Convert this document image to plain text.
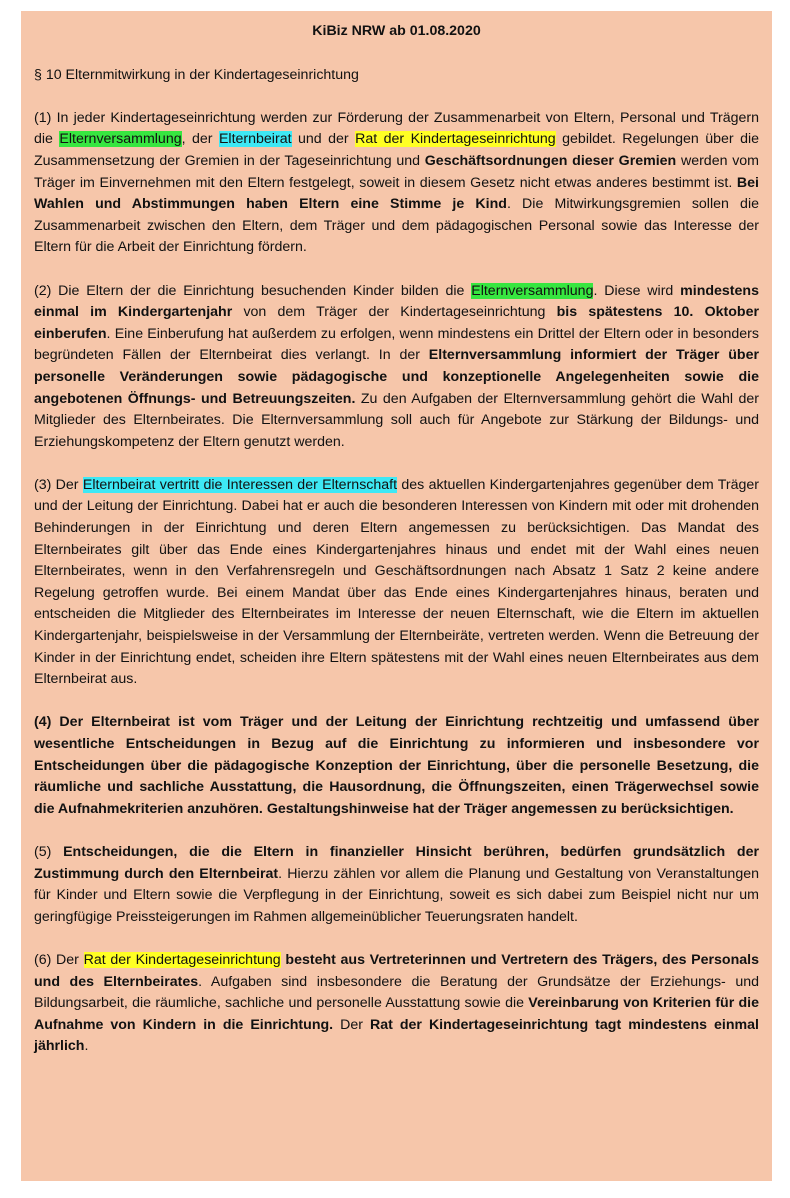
KiBiz NRW ab 01.08.2020
§ 10 Elternmitwirkung in der Kindertageseinrichtung

(1) In jeder Kindertageseinrichtung werden zur Förderung der Zusammenarbeit von Eltern, Personal und Trägern die Elternversammlung, der Elternbeirat und der Rat der Kindertageseinrichtung gebildet. Regelungen über die Zusammensetzung der Gremien in der Tageseinrichtung und Geschäftsordnungen dieser Gremien werden vom Träger im Einvernehmen mit den Eltern festgelegt, soweit in diesem Gesetz nicht etwas anderes bestimmt ist. Bei Wahlen und Abstimmungen haben Eltern eine Stimme je Kind. Die Mitwirkungsgremien sollen die Zusammenarbeit zwischen den Eltern, dem Träger und dem pädagogischen Personal sowie das Interesse der Eltern für die Arbeit der Einrichtung fördern.

(2) Die Eltern der die Einrichtung besuchenden Kinder bilden die Elternversammlung. Diese wird mindestens einmal im Kindergartenjahr von dem Träger der Kindertageseinrichtung bis spätestens 10. Oktober einberufen. Eine Einberufung hat außerdem zu erfolgen, wenn mindestens ein Drittel der Eltern oder in besonders begründeten Fällen der Elternbeirat dies verlangt. In der Elternversammlung informiert der Träger über personelle Veränderungen sowie pädagogische und konzeptionelle Angelegenheiten sowie die angebotenen Öffnungs- und Betreuungszeiten. Zu den Aufgaben der Elternversammlung gehört die Wahl der Mitglieder des Elternbeirates. Die Elternversammlung soll auch für Angebote zur Stärkung der Bildungs- und Erziehungskompetenz der Eltern genutzt werden.

(3) Der Elternbeirat vertritt die Interessen der Elternschaft des aktuellen Kindergartenjahres gegenüber dem Träger und der Leitung der Einrichtung. Dabei hat er auch die besonderen Interessen von Kindern mit oder mit drohenden Behinderungen in der Einrichtung und deren Eltern angemessen zu berücksichtigen. Das Mandat des Elternbeirates gilt über das Ende eines Kindergartenjahres hinaus und endet mit der Wahl eines neuen Elternbeirates, wenn in den Verfahrensregeln und Geschäftsordnungen nach Absatz 1 Satz 2 keine andere Regelung getroffen wurde. Bei einem Mandat über das Ende eines Kindergartenjahres hinaus, beraten und entscheiden die Mitglieder des Elternbeirates im Interesse der neuen Elternschaft, wie die Eltern im aktuellen Kindergartenjahr, beispielsweise in der Versammlung der Elternbeiräte, vertreten werden. Wenn die Betreuung der Kinder in der Einrichtung endet, scheiden ihre Eltern spätestens mit der Wahl eines neuen Elternbeirates aus dem Elternbeirat aus.

(4) Der Elternbeirat ist vom Träger und der Leitung der Einrichtung rechtzeitig und umfassend über wesentliche Entscheidungen in Bezug auf die Einrichtung zu informieren und insbesondere vor Entscheidungen über die pädagogische Konzeption der Einrichtung, über die personelle Besetzung, die räumliche und sachliche Ausstattung, die Hausordnung, die Öffnungszeiten, einen Trägerwechsel sowie die Aufnahmekriterien anzuhören. Gestaltungshinweise hat der Träger angemessen zu berücksichtigen.

(5) Entscheidungen, die die Eltern in finanzieller Hinsicht berühren, bedürfen grundsätzlich der Zustimmung durch den Elternbeirat. Hierzu zählen vor allem die Planung und Gestaltung von Veranstaltungen für Kinder und Eltern sowie die Verpflegung in der Einrichtung, soweit es sich dabei zum Beispiel nicht nur um geringfügige Preissteigerungen im Rahmen allgemeinüblicher Teuerungsraten handelt.

(6) Der Rat der Kindertageseinrichtung besteht aus Vertreterinnen und Vertretern des Trägers, des Personals und des Elternbeirates. Aufgaben sind insbesondere die Beratung der Grundsätze der Erziehungs- und Bildungsarbeit, die räumliche, sachliche und personelle Ausstattung sowie die Vereinbarung von Kriterien für die Aufnahme von Kindern in die Einrichtung. Der Rat der Kindertageseinrichtung tagt mindestens einmal jährlich.
